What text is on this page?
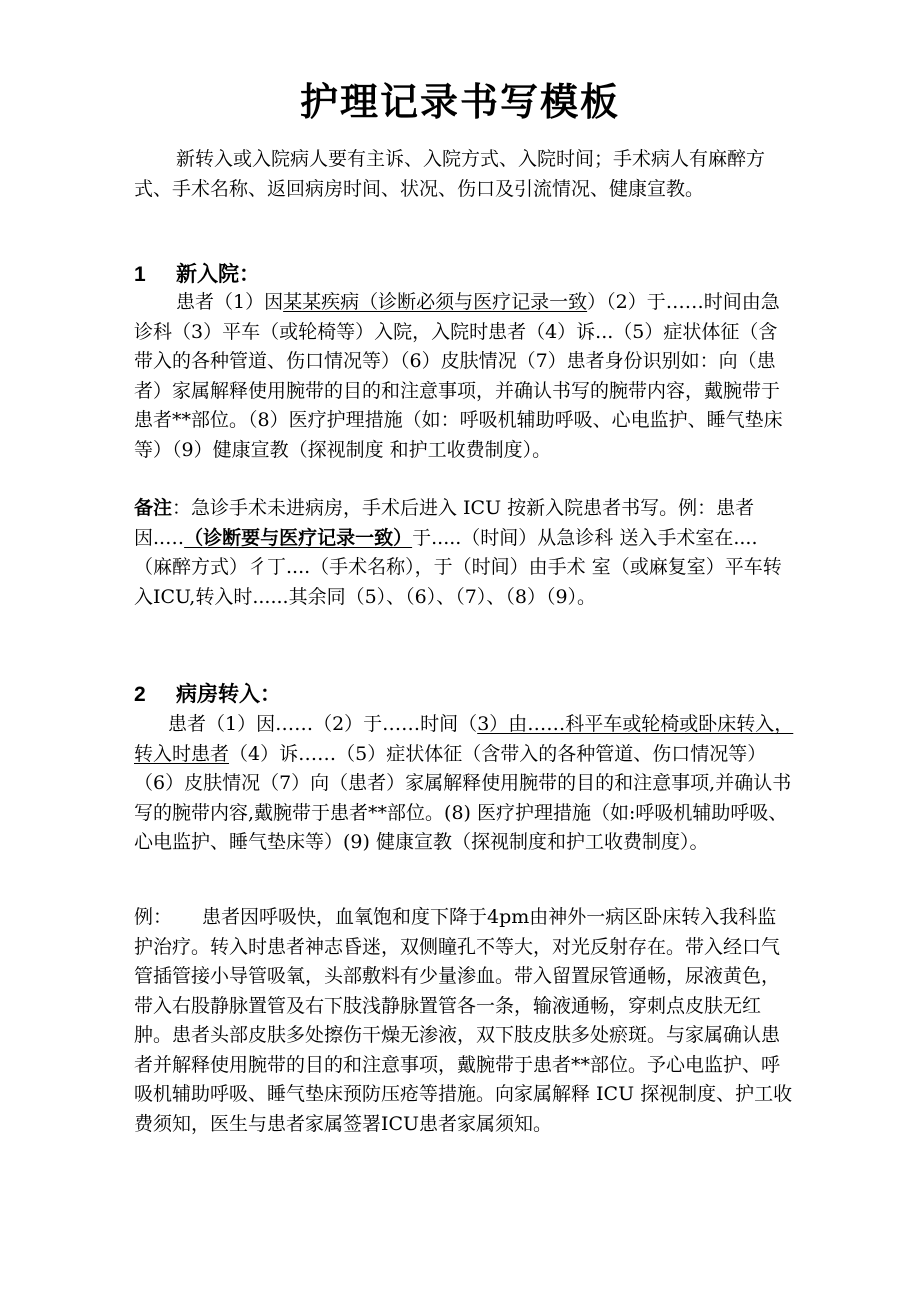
护理记录书写模板

新转入或入院病人要有主诉、入院方式、入院时间；手术病人有麻醉方式、手术名称、返回病房时间、状况、伤口及引流情况、健康宣教。

1 新入院：

患者（1）因某某疾病（诊断必须与医疗记录一致）（2）于……时间由急诊科（3）平车（或轮椅等）入院，入院时患者（4）诉...（5）症状体征（含带入的各种管道、伤口情况等）（6）皮肤情况（7）患者身份识别如：向（患者）家属解释使用腕带的目的和注意事项，并确认书写的腕带内容，戴腕带于患者**部位。（8）医疗护理措施（如：呼吸机辅助呼吸、心电监护、睡气垫床等）（9）健康宣教（探视制度 和护工收费制度）。

备注：急诊手术未进病房，手术后进入 ICU 按新入院患者书写。例：患者因..…（诊断要与医疗记录一致）于.....（时间）从急诊科 送入手术室在....（麻醉方式）彳丁....（手术名称），于（时间）由手术 室（或麻复室）平车转入ICU,转入时......其余同（5）、（6）、（7）、（8）（9）。

2 病房转入：

患者（1）因……（2）于……时间（3）由……科平车或轮椅或卧床转入，转入时患者（4）诉……（5）症状体征（含带入的各种管道、伤口情况等）（6）皮肤情况（7）向（患者）家属解释使用腕带的目的和注意事项,并确认书写的腕带内容,戴腕带于患者**部位。(8) 医疗护理措施（如:呼吸机辅助呼吸、心电监护、睡气垫床等）(9) 健康宣教（探视制度和护工收费制度）。

例： 患者因呼吸快，血氧饱和度下降于4pm由神外一病区卧床转入我科监护治疗。转入时患者神志昏迷，双侧瞳孔不等大，对光反射存在。带入经口气管插管接小导管吸氧，头部敷料有少量渗血。带入留置尿管通畅，尿液黄色，带入右股静脉置管及右下肢浅静脉置管各一条，输液通畅，穿刺点皮肤无红肿。患者头部皮肤多处擦伤干燥无渗液，双下肢皮肤多处瘀斑。与家属确认患者并解释使用腕带的目的和注意事项，戴腕带于患者**部位。予心电监护、呼吸机辅助呼吸、睡气垫床预防压疮等措施。向家属解释 ICU 探视制度、护工收费须知，医生与患者家属签署ICU患者家属须知。
